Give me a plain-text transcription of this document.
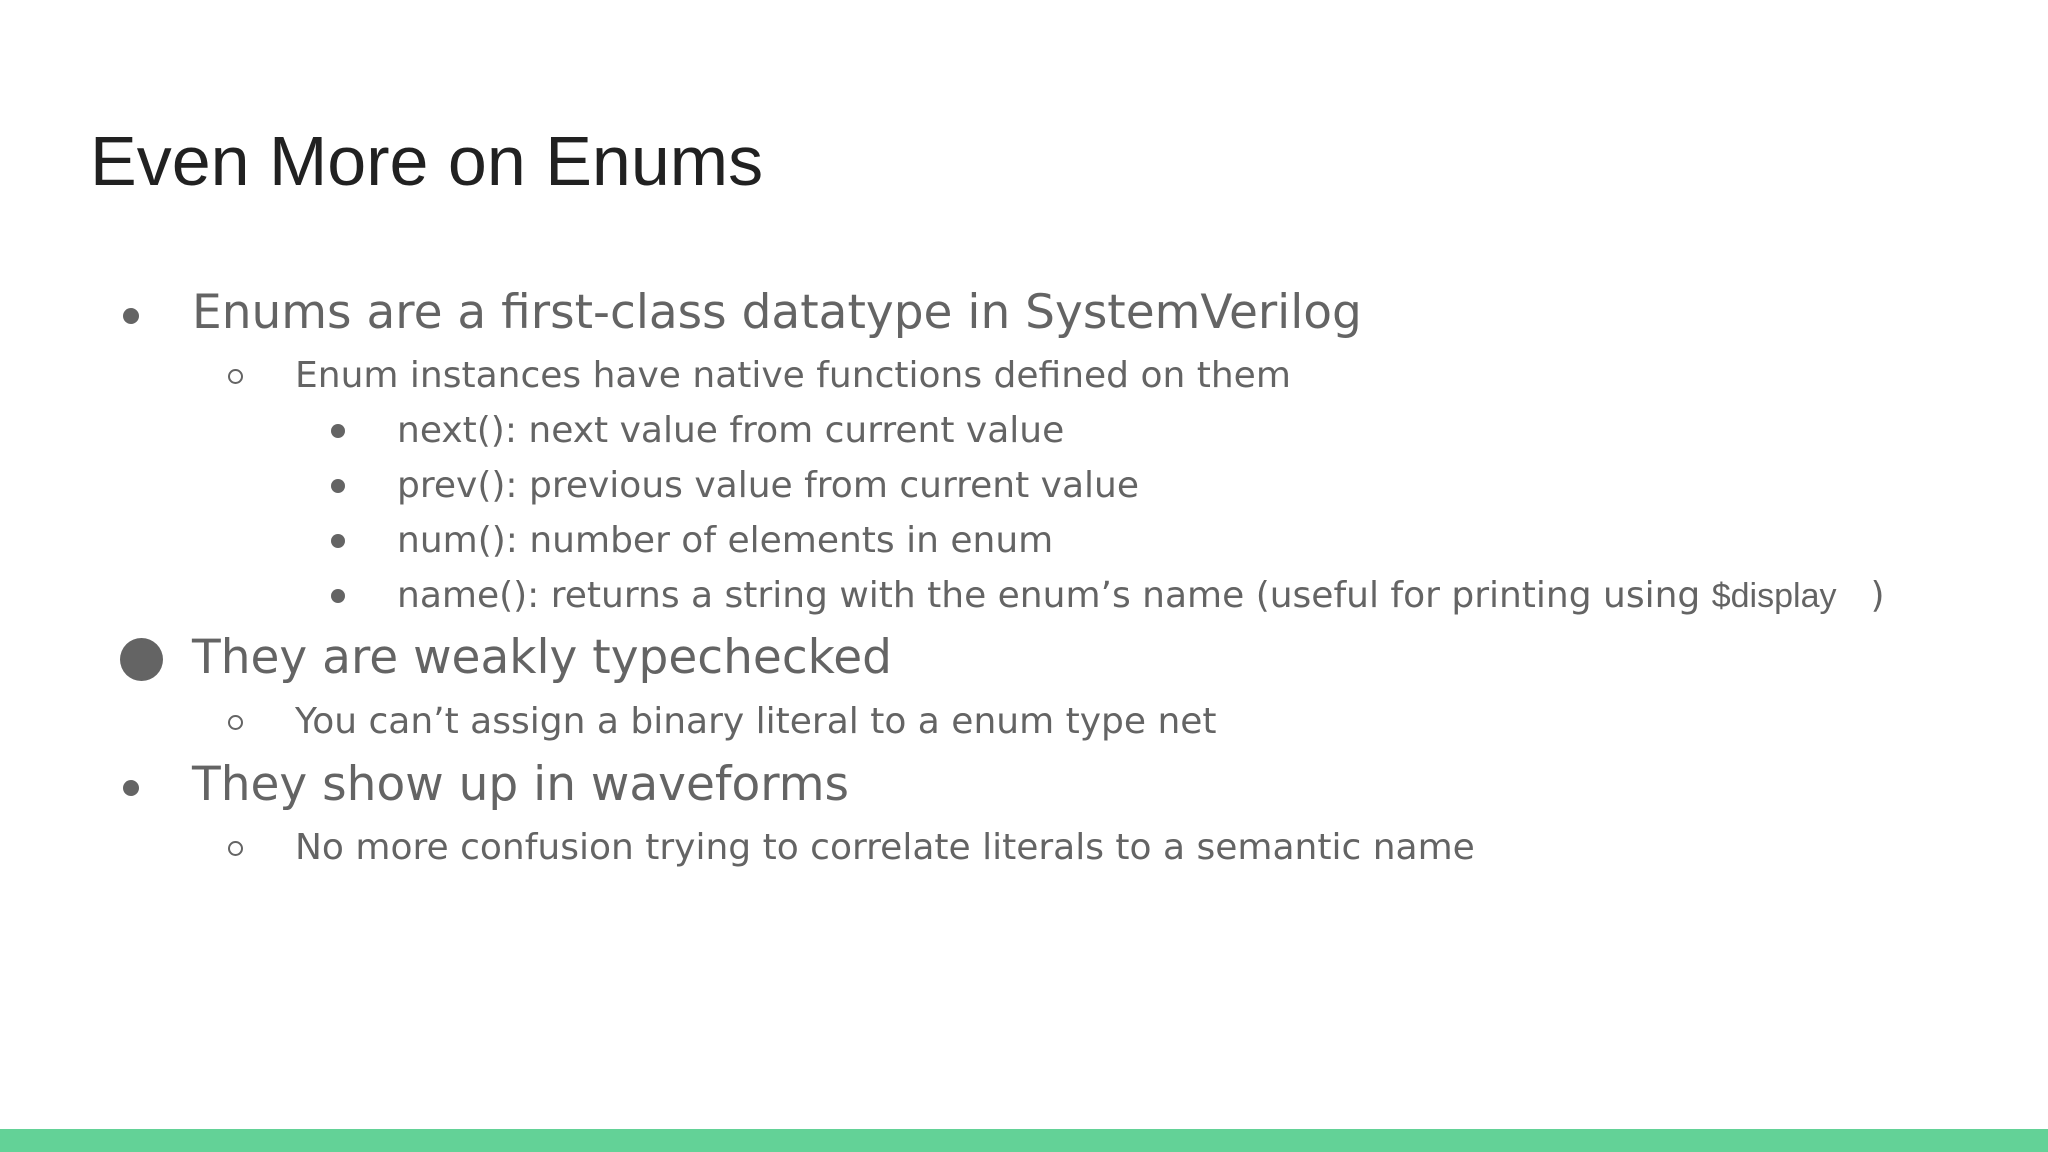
Even More on Enums
Enums are a first-class datatype in SystemVerilog
Enum instances have native functions defined on them
next(): next value from current value
prev(): previous value from current value
num(): number of elements in enum
name(): returns a string with the enum’s name (useful for printing using $display )
They are weakly typechecked
You can’t assign a binary literal to a enum type net
They show up in waveforms
No more confusion trying to correlate literals to a semantic name
